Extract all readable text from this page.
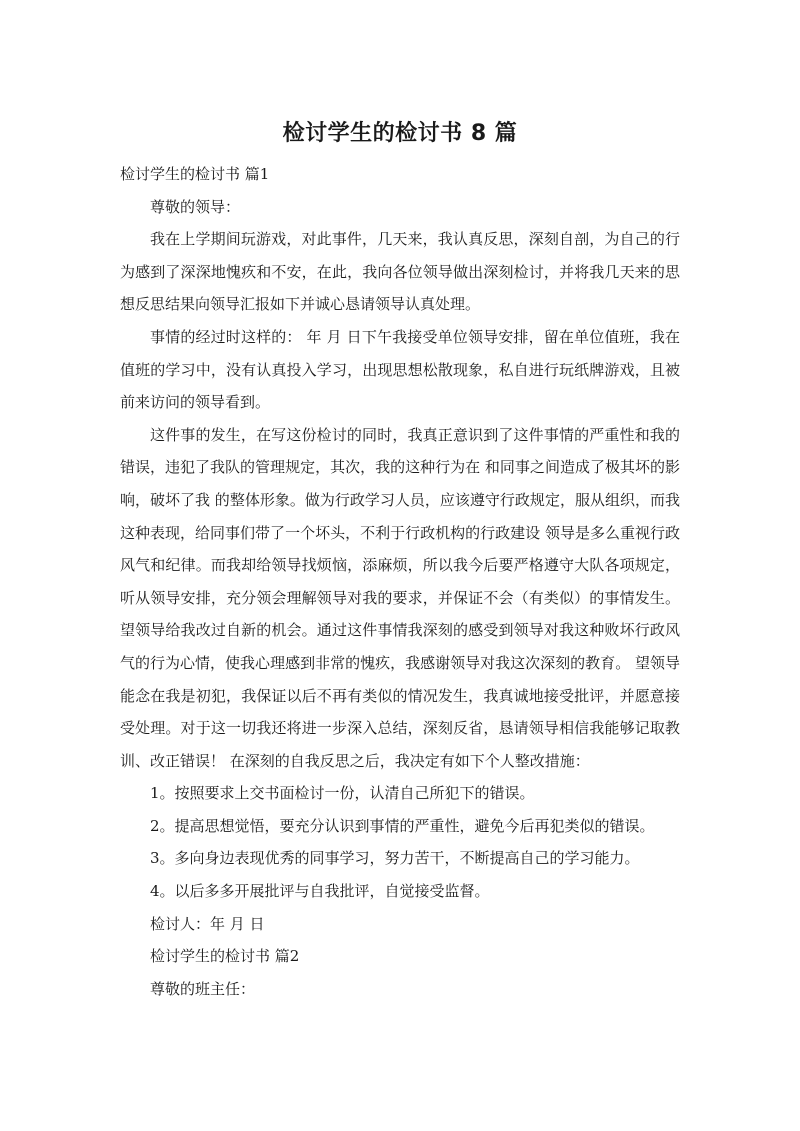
检讨学生的检讨书 8 篇

检讨学生的检讨书 篇1

尊敬的领导：

我在上学期间玩游戏，对此事件，几天来，我认真反思，深刻自剖，为自己的行为感到了深深地愧疚和不安，在此，我向各位领导做出深刻检讨，并将我几天来的思想反思结果向领导汇报如下并诚心恳请领导认真处理。

事情的经过时这样的： 年 月 日下午我接受单位领导安排，留在单位值班，我在值班的学习中，没有认真投入学习，出现思想松散现象，私自进行玩纸牌游戏，且被前来访问的领导看到。

这件事的发生，在写这份检讨的同时，我真正意识到了这件事情的严重性和我的错误，违犯了我队的管理规定，其次，我的这种行为在 和同事之间造成了极其坏的影响，破坏了我 的整体形象。做为行政学习人员，应该遵守行政规定，服从组织，而我这种表现，给同事们带了一个坏头，不利于行政机构的行政建设 领导是多么重视行政风气和纪律。而我却给领导找烦恼，添麻烦，所以我今后要严格遵守大队各项规定，听从领导安排，充分领会理解领导对我的要求，并保证不会（有类似）的事情发生。望领导给我改过自新的机会。通过这件事情我深刻的感受到领导对我这种败坏行政风气的行为心情，使我心理感到非常的愧疚，我感谢领导对我这次深刻的教育。 望领导能念在我是初犯，我保证以后不再有类似的情况发生，我真诚地接受批评，并愿意接受处理。对于这一切我还将进一步深入总结，深刻反省，恳请领导相信我能够记取教训、改正错误！ 在深刻的自我反思之后，我决定有如下个人整改措施：

1。按照要求上交书面检讨一份，认清自己所犯下的错误。

2。提高思想觉悟，要充分认识到事情的严重性，避免今后再犯类似的错误。

3。多向身边表现优秀的同事学习，努力苦干，不断提高自己的学习能力。

4。以后多多开展批评与自我批评，自觉接受监督。

检讨人：年 月 日

检讨学生的检讨书 篇2

尊敬的班主任：
